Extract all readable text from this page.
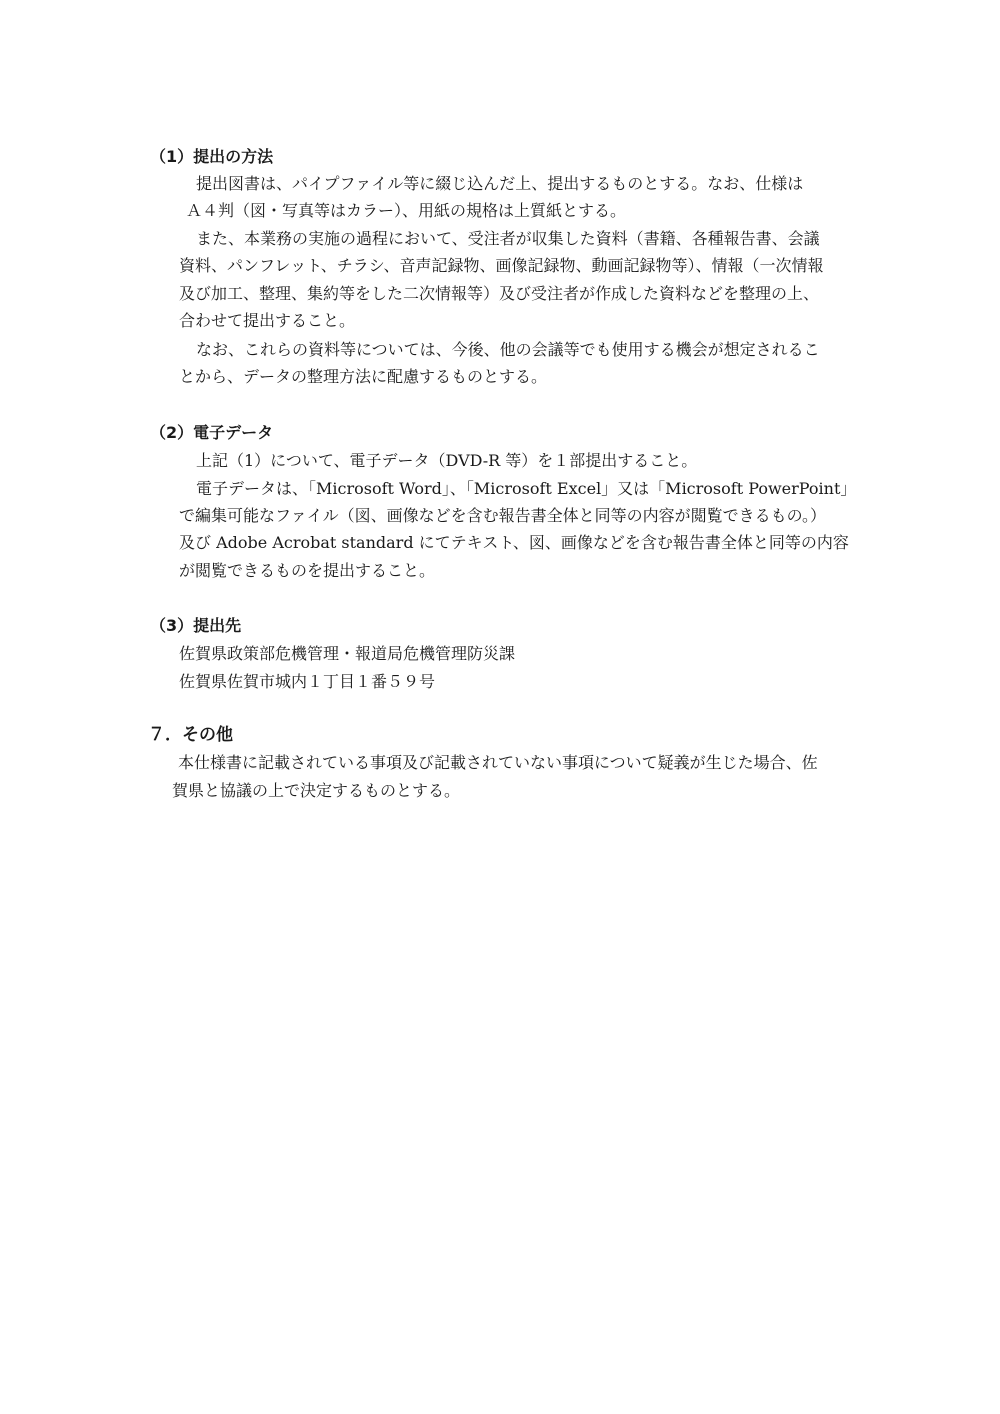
（1）提出の方法
提出図書は、パイプファイル等に綴じ込んだ上、提出するものとする。なお、仕様は
Ａ４判（図・写真等はカラー）、用紙の規格は上質紙とする。
また、本業務の実施の過程において、受注者が収集した資料（書籍、各種報告書、会議
資料、パンフレット、チラシ、音声記録物、画像記録物、動画記録物等）、情報（一次情報
及び加工、整理、集約等をした二次情報等）及び受注者が作成した資料などを整理の上、
合わせて提出すること。
なお、これらの資料等については、今後、他の会議等でも使用する機会が想定されるこ
とから、データの整理方法に配慮するものとする。
（2）電子データ
上記（1）について、電子データ（DVD-R 等）を１部提出すること。
電子データは、「Microsoft Word」、「Microsoft Excel」又は「Microsoft PowerPoint」
で編集可能なファイル（図、画像などを含む報告書全体と同等の内容が閲覧できるもの。）
及び Adobe Acrobat standard にてテキスト、図、画像などを含む報告書全体と同等の内容
が閲覧できるものを提出すること。
（3）提出先
佐賀県政策部危機管理・報道局危機管理防災課
佐賀県佐賀市城内１丁目１番５９号
７．その他
本仕様書に記載されている事項及び記載されていない事項について疑義が生じた場合、佐
賀県と協議の上で決定するものとする。
